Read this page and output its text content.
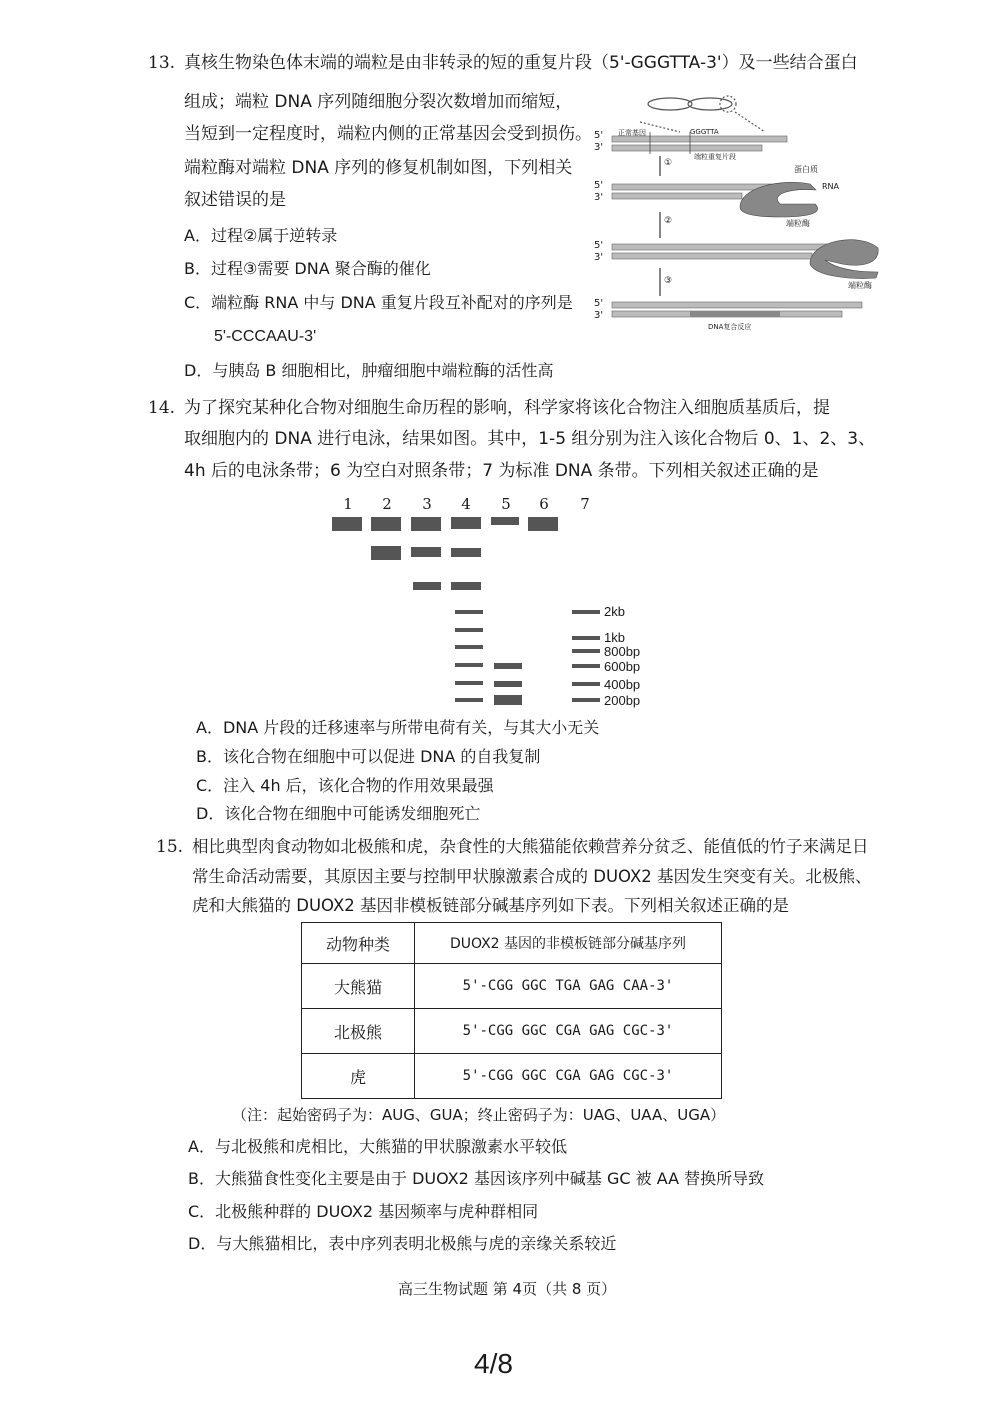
13. 真核生物染色体末端的端粒是由非转录的短的重复片段（5'-GGGTTA-3'）及一些结合蛋白
组成；端粒 DNA 序列随细胞分裂次数增加而缩短，
当短到一定程度时，端粒内侧的正常基因会受到损伤。
端粒酶对端粒 DNA 序列的修复机制如图，下列相关
叙述错误的是
A．过程②属于逆转录
B．过程③需要 DNA 聚合酶的催化
C．端粒酶 RNA 中与 DNA 重复片段互补配对的序列是
5'-CCCAAU-3'
D．与胰岛 B 细胞相比，肿瘤细胞中端粒酶的活性高
5'
3'
正常基因	GGGTTA
端粒重复片段
①
5'
3'
蛋白质
RNA
端粒酶
②
5'
3'
端粒酶
③
5'
3'
DNA复合反应
14. 为了探究某种化合物对细胞生命历程的影响，科学家将该化合物注入细胞质基质后，提
取细胞内的 DNA 进行电泳，结果如图。其中，1-5 组分别为注入该化合物后 0、1、2、3、
4h 后的电泳条带；6 为空白对照条带；7 为标准 DNA 条带。下列相关叙述正确的是
1	2	3	4	5	6	7
2kb
1kb
800bp
600bp
400bp
200bp
A．DNA 片段的迁移速率与所带电荷有关，与其大小无关
B．该化合物在细胞中可以促进 DNA 的自我复制
C．注入 4h 后，该化合物的作用效果最强
D．该化合物在细胞中可能诱发细胞死亡
15. 相比典型肉食动物如北极熊和虎，杂食性的大熊猫能依赖营养分贫乏、能值低的竹子来满足日
常生命活动需要，其原因主要与控制甲状腺激素合成的 DUOX2 基因发生突变有关。北极熊、
虎和大熊猫的 DUOX2 基因非模板链部分碱基序列如下表。下列相关叙述正确的是
动物种类	DUOX2 基因的非模板链部分碱基序列
大熊猫	5'-CGG GGC TGA GAG CAA-3'
北极熊	5'-CGG GGC CGA GAG CGC-3'
虎	5'-CGG GGC CGA GAG CGC-3'
（注：起始密码子为：AUG、GUA；终止密码子为：UAG、UAA、UGA）
A．与北极熊和虎相比，大熊猫的甲状腺激素水平较低
B．大熊猫食性变化主要是由于 DUOX2 基因该序列中碱基 GC 被 AA 替换所导致
C．北极熊种群的 DUOX2 基因频率与虎种群相同
D．与大熊猫相比，表中序列表明北极熊与虎的亲缘关系较近
高三生物试题 第 4页（共 8 页）
4/8
